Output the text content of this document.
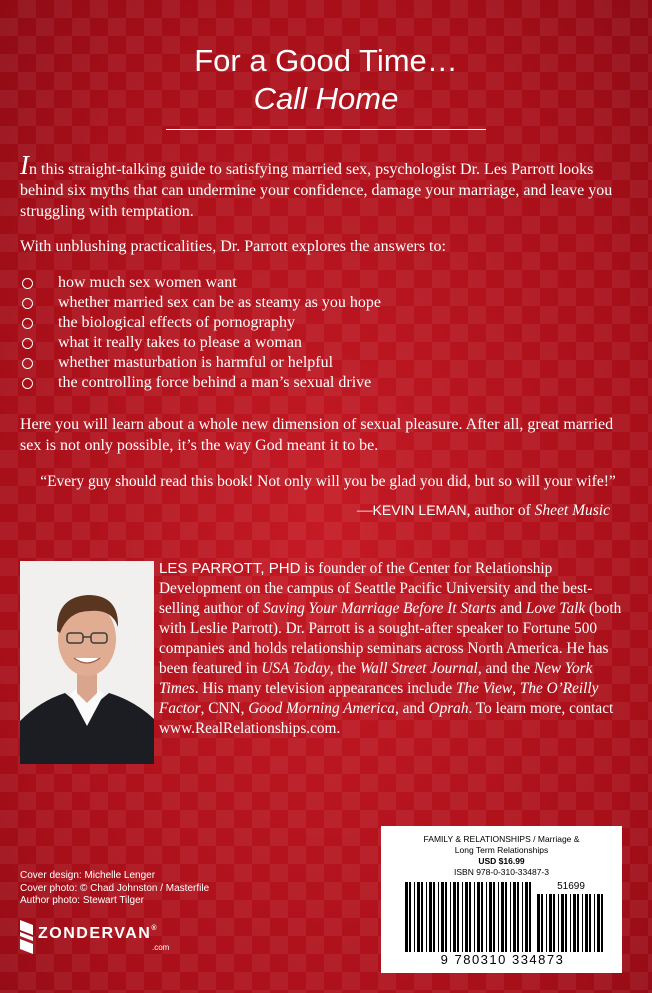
For a Good Time…
Call Home

In this straight-talking guide to satisfying married sex, psychologist Dr. Les Parrott looks behind six myths that can undermine your confidence, damage your marriage, and leave you struggling with temptation.

With unblushing practicalities, Dr. Parrott explores the answers to:

how much sex women want
whether married sex can be as steamy as you hope
the biological effects of pornography
what it really takes to please a woman
whether masturbation is harmful or helpful
the controlling force behind a man’s sexual drive

Here you will learn about a whole new dimension of sexual pleasure. After all, great married sex is not only possible, it’s the way God meant it to be.

“Every guy should read this book! Not only will you be glad you did, but so will your wife!”

—KEVIN LEMAN, author of Sheet Music

LES PARROTT, PHD is founder of the Center for Relationship Development on the campus of Seattle Pacific University and the best-selling author of Saving Your Marriage Before It Starts and Love Talk (both with Leslie Parrott). Dr. Parrott is a sought-after speaker to Fortune 500 companies and holds relationship seminars across North America. He has been featured in USA Today, the Wall Street Journal, and the New York Times. His many television appearances include The View, The O’Reilly Factor, CNN, Good Morning America, and Oprah. To learn more, contact www.RealRelationships.com.

Cover design: Michelle Lenger
Cover photo: © Chad Johnston / Masterfile
Author photo: Stewart Tilger
ZONDERVAN®
.com
FAMILY & RELATIONSHIPS / Marriage &
Long Term Relationships
USD $16.99
ISBN 978-0-310-33487-3
51699
9 780310 334873
